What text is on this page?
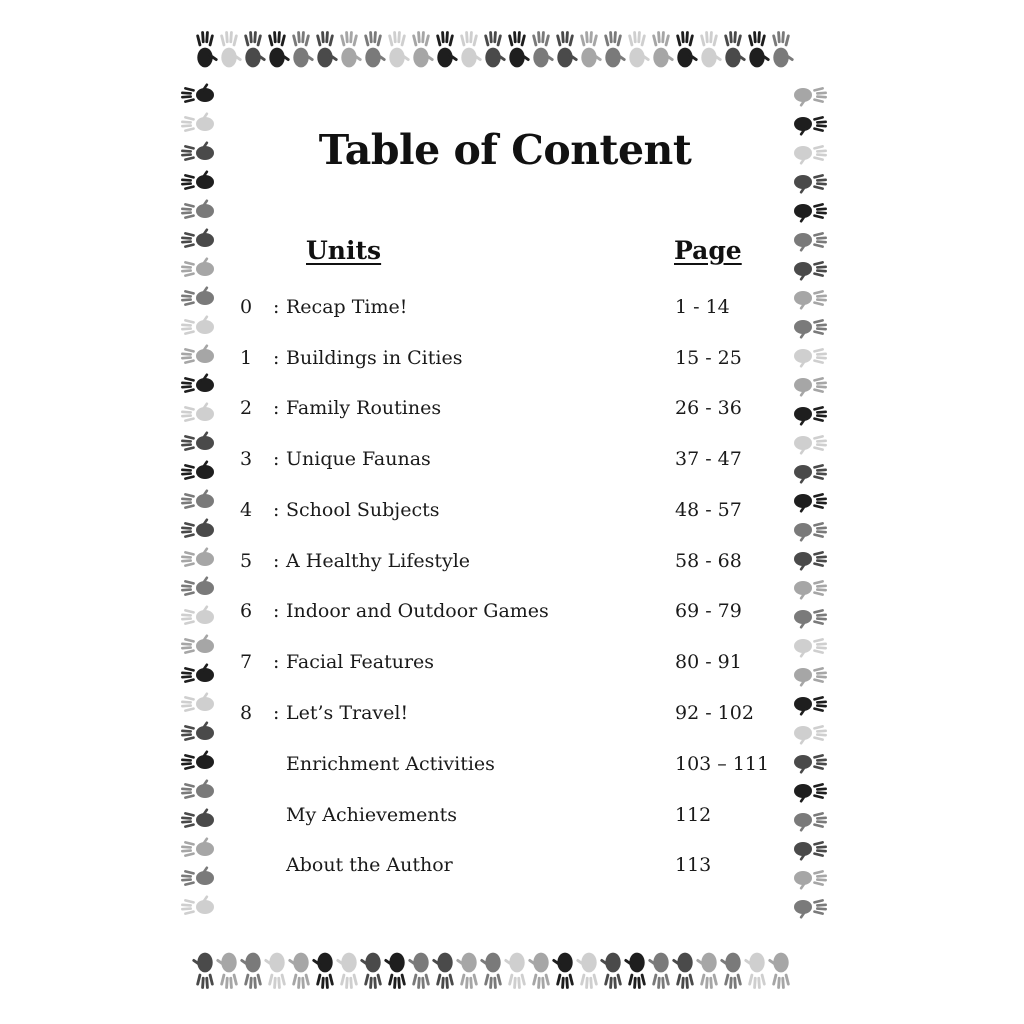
Table of Content
Units	Page
0 : Recap Time!	1 - 14
1 : Buildings in Cities	15 - 25
2 : Family Routines	26 - 36
3 : Unique Faunas	37 - 47
4 : School Subjects	48 - 57
5 : A Healthy Lifestyle	58 - 68
6 : Indoor and Outdoor Games	69 - 79
7 : Facial Features	80 - 91
8 : Let’s Travel!	92 - 102
Enrichment Activities	103 – 111
My Achievements	112
About the Author	113
